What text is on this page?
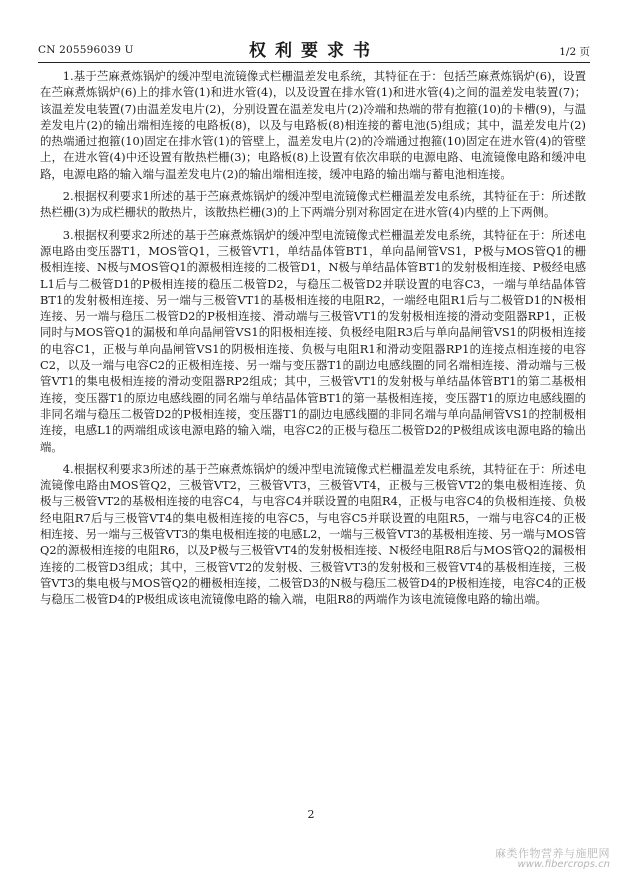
CN 205596039 U	权利要求书	1/2 页

1.基于苎麻煮炼锅炉的缓冲型电流镜像式栏栅温差发电系统，其特征在于：包括苎麻煮炼锅炉(6)，设置在苎麻煮炼锅炉(6)上的排水管(1)和进水管(4)，以及设置在排水管(1)和进水管(4)之间的温差发电装置(7)；该温差发电装置(7)由温差发电片(2)，分别设置在温差发电片(2)冷端和热端的带有抱箍(10)的卡槽(9)，与温差发电片(2)的输出端相连接的电路板(8)，以及与电路板(8)相连接的蓄电池(5)组成；其中，温差发电片(2)的热端通过抱箍(10)固定在排水管(1)的管壁上，温差发电片(2)的冷端通过抱箍(10)固定在进水管(4)的管壁上，在进水管(4)中还设置有散热栏栅(3)；电路板(8)上设置有依次串联的电源电路、电流镜像电路和缓冲电路，电源电路的输入端与温差发电片(2)的输出端相连接，缓冲电路的输出端与蓄电池相连接。

2.根据权利要求1所述的基于苎麻煮炼锅炉的缓冲型电流镜像式栏栅温差发电系统，其特征在于：所述散热栏栅(3)为成栏栅状的散热片，该散热栏栅(3)的上下两端分别对称固定在进水管(4)内壁的上下两侧。

3.根据权利要求2所述的基于苎麻煮炼锅炉的缓冲型电流镜像式栏栅温差发电系统，其特征在于：所述电源电路由变压器T1，MOS管Q1，三极管VT1，单结晶体管BT1，单向晶闸管VS1，P极与MOS管Q1的栅极相连接、N极与MOS管Q1的源极相连接的二极管D1，N极与单结晶体管BT1的发射极相连接、P极经电感L1后与二极管D1的P极相连接的稳压二极管D2，与稳压二极管D2并联设置的电容C3，一端与单结晶体管BT1的发射极相连接、另一端与三极管VT1的基极相连接的电阻R2，一端经电阻R1后与二极管D1的N极相连接、另一端与稳压二极管D2的P极相连接、滑动端与三极管VT1的发射极相连接的滑动变阻器RP1，正极同时与MOS管Q1的漏极和单向晶闸管VS1的阳极相连接、负极经电阻R3后与单向晶闸管VS1的阴极相连接的电容C1，正极与单向晶闸管VS1的阴极相连接、负极与电阻R1和滑动变阻器RP1的连接点相连接的电容C2，以及一端与电容C2的正极相连接、另一端与变压器T1的副边电感线圈的同名端相连接、滑动端与三极管VT1的集电极相连接的滑动变阻器RP2组成；其中，三极管VT1的发射极与单结晶体管BT1的第二基极相连接，变压器T1的原边电感线圈的同名端与单结晶体管BT1的第一基极相连接，变压器T1的原边电感线圈的非同名端与稳压二极管D2的P极相连接，变压器T1的副边电感线圈的非同名端与单向晶闸管VS1的控制极相连接，电感L1的两端组成该电源电路的输入端，电容C2的正极与稳压二极管D2的P极组成该电源电路的输出端。

4.根据权利要求3所述的基于苎麻煮炼锅炉的缓冲型电流镜像式栏栅温差发电系统，其特征在于：所述电流镜像电路由MOS管Q2，三极管VT2，三极管VT3，三极管VT4，正极与三极管VT2的集电极相连接、负极与三极管VT2的基极相连接的电容C4，与电容C4并联设置的电阻R4，正极与电容C4的负极相连接、负极经电阻R7后与三极管VT4的集电极相连接的电容C5，与电容C5并联设置的电阻R5，一端与电容C4的正极相连接、另一端与三极管VT3的集电极相连接的电感L2，一端与三极管VT3的基极相连接、另一端与MOS管Q2的源极相连接的电阻R6，以及P极与三极管VT4的发射极相连接、N极经电阻R8后与MOS管Q2的漏极相连接的二极管D3组成；其中，三极管VT2的发射极、三极管VT3的发射极和三极管VT4的基极相连接，三极管VT3的集电极与MOS管Q2的栅极相连接，二极管D3的N极与稳压二极管D4的P极相连接，电容C4的正极与稳压二极管D4的P极组成该电流镜像电路的输入端，电阻R8的两端作为该电流镜像电路的输出端。

2
麻类作物营养与施肥网
www.fibercrops.cn
